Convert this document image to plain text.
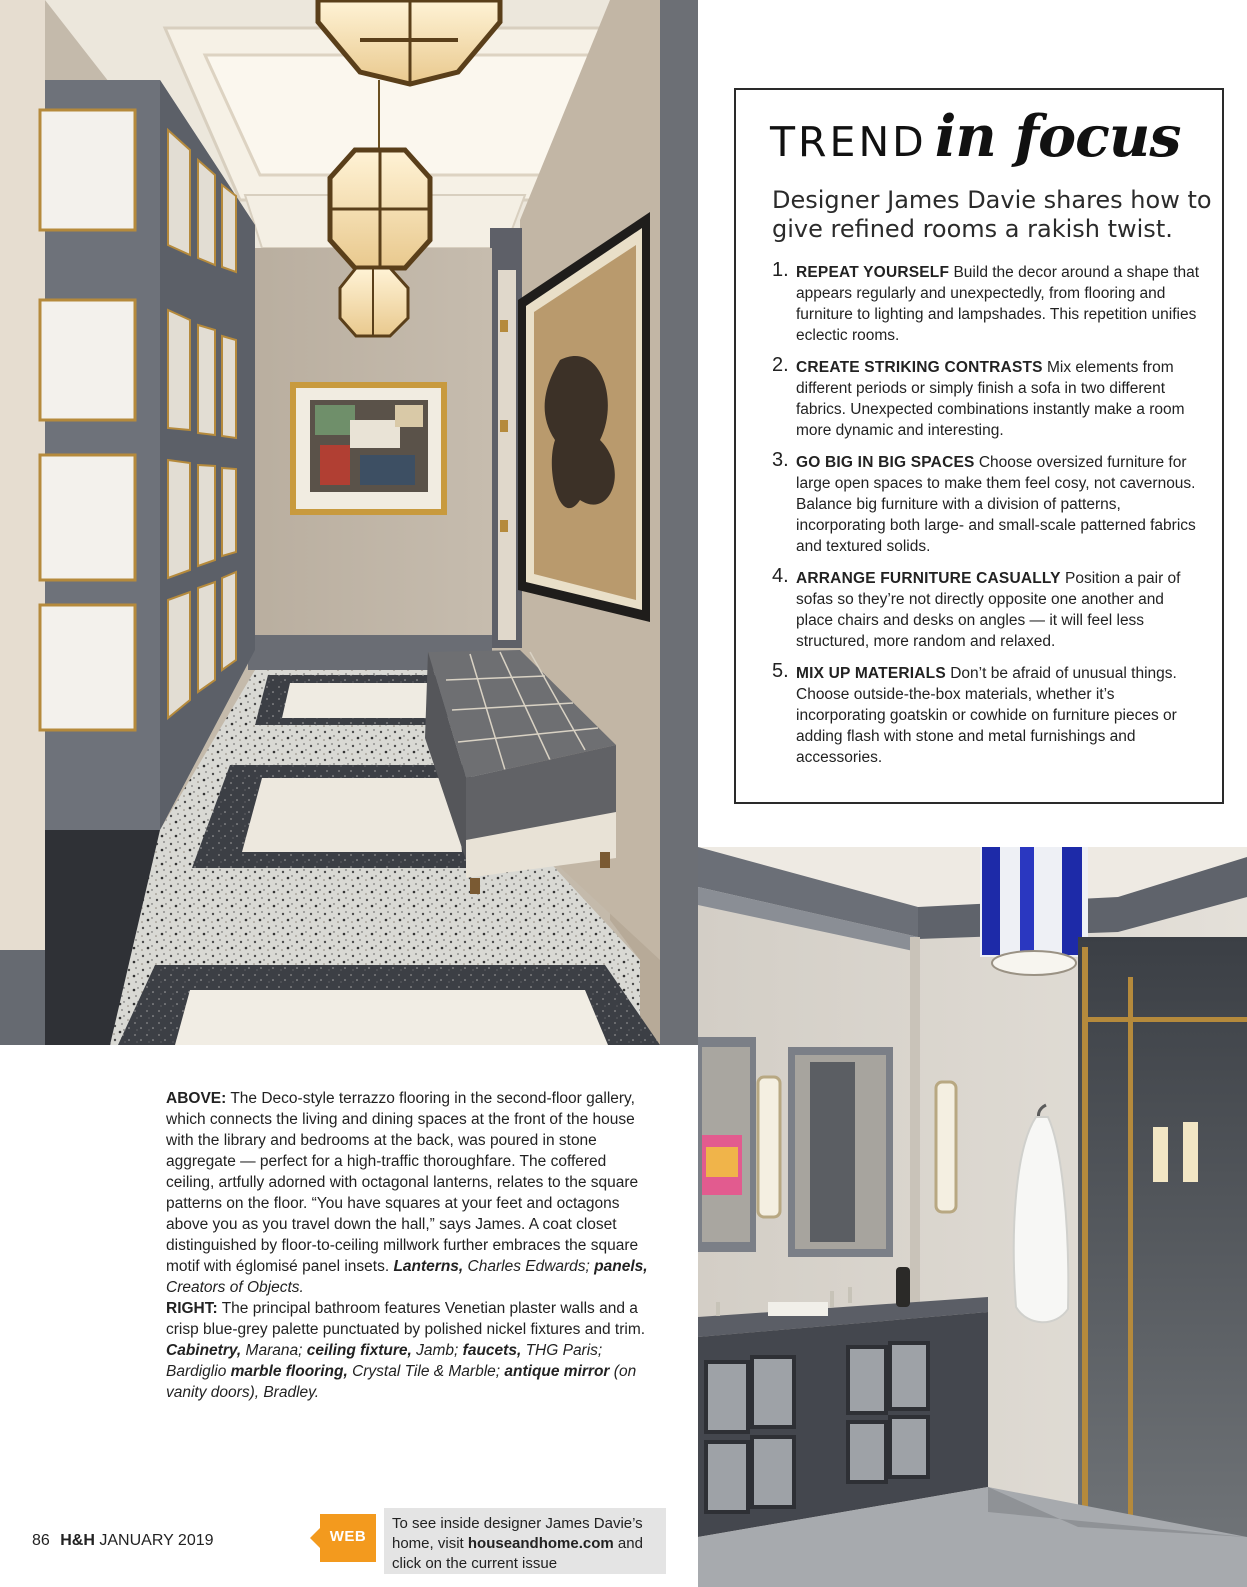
TREND in focus
Designer James Davie shares how to give refined rooms a rakish twist.
1. REPEAT YOURSELF Build the decor around a shape that appears regularly and unexpectedly, from flooring and furniture to lighting and lampshades. This repetition unifies eclectic rooms.
2. CREATE STRIKING CONTRASTS Mix elements from different periods or simply finish a sofa in two different fabrics. Unexpected combinations instantly make a room more dynamic and interesting.
3. GO BIG IN BIG SPACES Choose oversized furniture for large open spaces to make them feel cosy, not cavernous. Balance big furniture with a division of patterns, incorporating both large- and small-scale patterned fabrics and textured solids.
4. ARRANGE FURNITURE CASUALLY Position a pair of sofas so they’re not directly opposite one another and place chairs and desks on angles — it will feel less structured, more random and relaxed.
5. MIX UP MATERIALS Don’t be afraid of unusual things. Choose outside-the-box materials, whether it’s incorporating goatskin or cowhide on furniture pieces or adding flash with stone and metal furnishings and accessories.

ABOVE: The Deco-style terrazzo flooring in the second-floor gallery, which connects the living and dining spaces at the front of the house with the library and bedrooms at the back, was poured in stone aggregate — perfect for a high-traffic thoroughfare. The coffered ceiling, artfully adorned with octagonal lanterns, relates to the square patterns on the floor. “You have squares at your feet and octagons above you as you travel down the hall,” says James. A coat closet distinguished by floor-to-ceiling millwork further embraces the square motif with églomisé panel insets. Lanterns, Charles Edwards; panels, Creators of Objects.

RIGHT: The principal bathroom features Venetian plaster walls and a crisp blue-grey palette punctuated by polished nickel fixtures and trim. Cabinetry, Marana; ceiling fixture, Jamb; faucets, THG Paris; Bardiglio marble flooring, Crystal Tile & Marble; antique mirror (on vanity doors), Bradley.

86 H&H JANUARY 2019	WEB
To see inside designer James Davie’s home, visit houseandhome.com and click on the current issue
